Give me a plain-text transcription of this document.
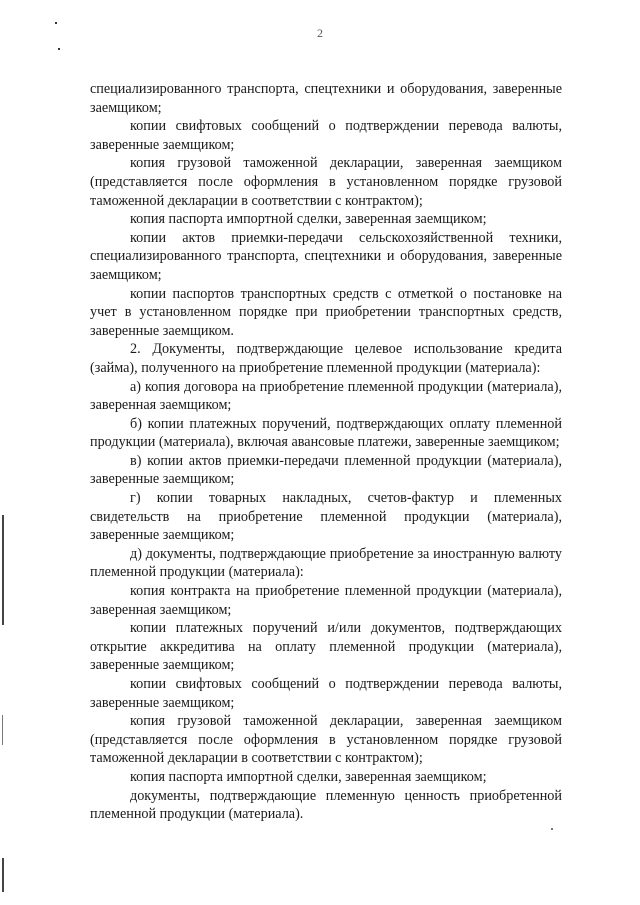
2

специализированного транспорта, спецтехники и оборудования, заверенные заемщиком;

копии свифтовых сообщений о подтверждении перевода валюты, заверенные заемщиком;

копия грузовой таможенной декларации, заверенная заемщиком (представляется после оформления в установленном порядке грузовой таможенной декларации в соответствии с контрактом);

копия паспорта импортной сделки, заверенная заемщиком;

копии актов приемки-передачи сельскохозяйственной техники, специализированного транспорта, спецтехники и оборудования, заверенные заемщиком;

копии паспортов транспортных средств с отметкой о постановке на учет в установленном порядке при приобретении транспортных средств, заверенные заемщиком.

2. Документы, подтверждающие целевое использование кредита (займа), полученного на приобретение племенной продукции (материала):

а) копия договора на приобретение племенной продукции (материала), заверенная заемщиком;

б) копии платежных поручений, подтверждающих оплату племенной продукции (материала), включая авансовые платежи, заверенные заемщиком;

в) копии актов приемки-передачи племенной продукции (материала), заверенные заемщиком;

г) копии товарных накладных, счетов-фактур и племенных свидетельств на приобретение племенной продукции (материала), заверенные заемщиком;

д) документы, подтверждающие приобретение за иностранную валюту племенной продукции (материала):

копия контракта на приобретение племенной продукции (материала), заверенная заемщиком;

копии платежных поручений и/или документов, подтверждающих открытие аккредитива на оплату племенной продукции (материала), заверенные заемщиком;

копии свифтовых сообщений о подтверждении перевода валюты, заверенные заемщиком;

копия грузовой таможенной декларации, заверенная заемщиком (представляется после оформления в установленном порядке грузовой таможенной декларации в соответствии с контрактом);

копия паспорта импортной сделки, заверенная заемщиком;

документы, подтверждающие племенную ценность приобретенной племенной продукции (материала).
